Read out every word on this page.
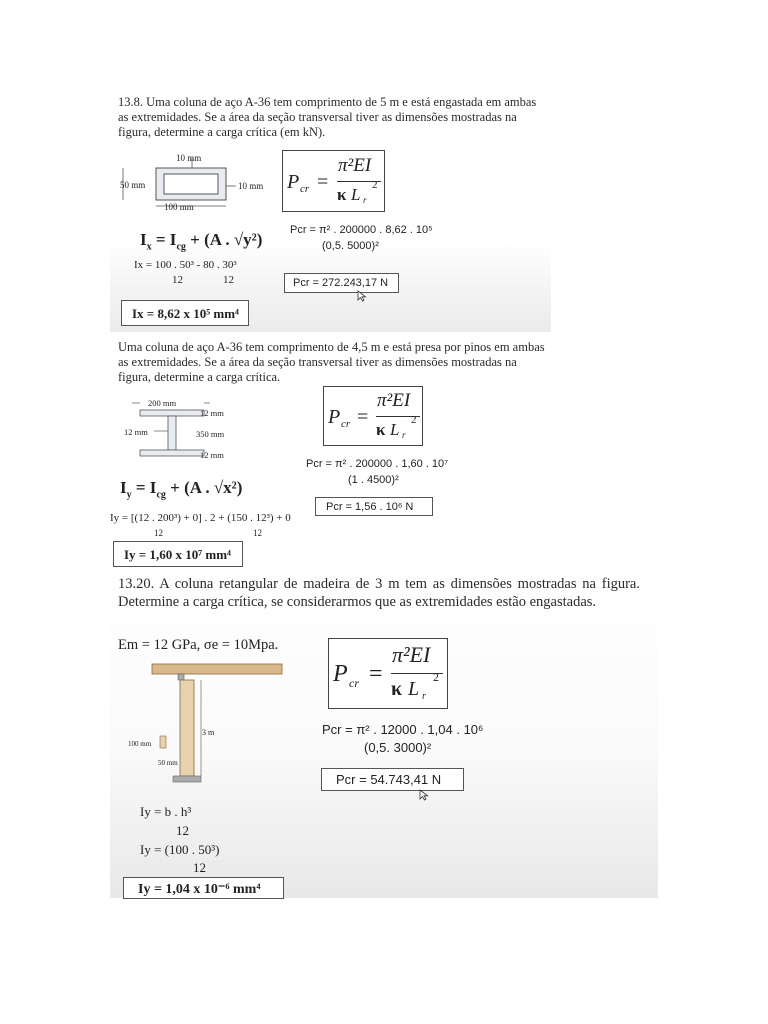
13.8. Uma coluna de aço A-36 tem comprimento de 5 m e está engastada em ambas as extremidades. Se a área da seção transversal tiver as dimensões mostradas na figura, determine a carga crítica (em kN).
10 mm
50 mm	10 mm
100 mm
P cr =
π²EI
κ L r
2
$I_x = I_{cg} + (A$ . √y²)
Ix = 100 . 50³ - 80 . 30³
12	12
Ix = 8,62 x 10⁵ mm⁴
Pcr = π² . 200000 . 8,62 . 10⁵
(0,5. 5000)²
Pcr = 272.243,17 N
Uma coluna de aço A-36 tem comprimento de 4,5 m e está presa por pinos em ambas as extremidades. Se a área da seção transversal tiver as dimensões mostradas na figura, determine a carga crítica.
200 mm
12 mm
12 mm	350 mm
12 mm
P cr =
π²EI
κ L r
2
Pcr = π² . 200000 . 1,60 . 10⁷
(1 . 4500)²
Pcr = 1,56 . 10⁶ N
$I_y = I_{cg} + (A$ . √x²)
Iy = [(12 . 200³) + 0] . 2 + (150 . 12³) + 0
12	12
Iy = 1,60 x 10⁷ mm⁴
13.20. A coluna retangular de madeira de 3 m tem as dimensões mostradas na figura. Determine a carga crítica, se considerarmos que as extremidades estão engastadas.
Em = 12 GPa, σe = 10Mpa.
3 m
100 mm
50 mm
P cr =
π²EI
κ L r
2
Pcr = π² . 12000 . 1,04 . 10⁶
(0,5. 3000)²
Pcr = 54.743,41 N
Iy = b . h³
12
Iy = (100 . 50³)
12
Iy = 1,04 x 10⁻⁶ mm⁴
